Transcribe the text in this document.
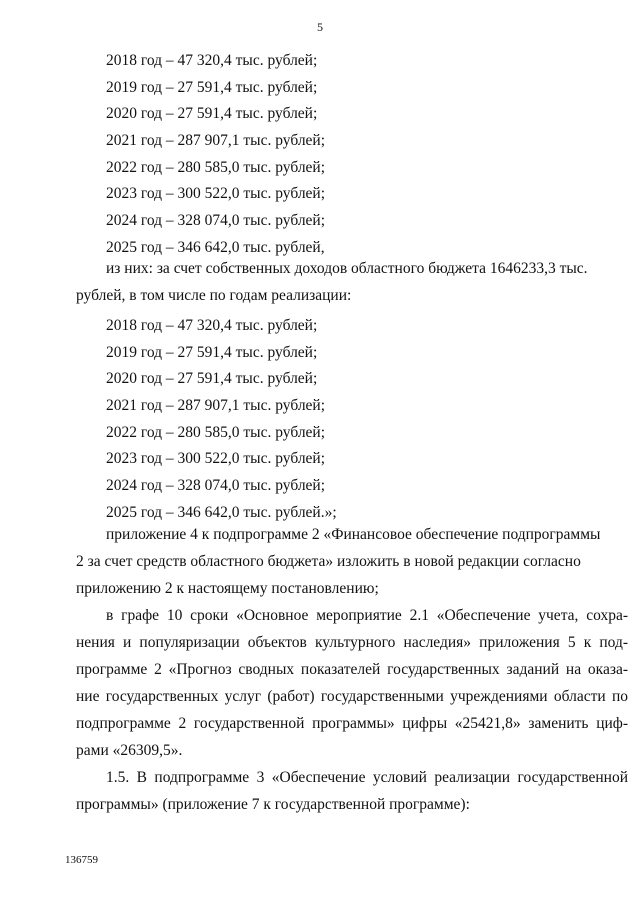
5
2018 год – 47 320,4 тыс. рублей;
2019 год – 27 591,4 тыс. рублей;
2020 год – 27 591,4 тыс. рублей;
2021 год – 287 907,1 тыс. рублей;
2022 год – 280 585,0 тыс. рублей;
2023 год – 300 522,0 тыс. рублей;
2024 год – 328 074,0 тыс. рублей;
2025 год – 346 642,0 тыс. рублей,
из них: за счет собственных доходов областного бюджета 1646233,3 тыс.
рублей, в том числе по годам реализации:
2018 год – 47 320,4 тыс. рублей;
2019 год – 27 591,4 тыс. рублей;
2020 год – 27 591,4 тыс. рублей;
2021 год – 287 907,1 тыс. рублей;
2022 год – 280 585,0 тыс. рублей;
2023 год – 300 522,0 тыс. рублей;
2024 год – 328 074,0 тыс. рублей;
2025 год – 346 642,0 тыс. рублей.»;
приложение 4 к подпрограмме 2 «Финансовое обеспечение подпрограммы
2 за счет средств областного бюджета» изложить в новой редакции согласно
приложению 2 к настоящему постановлению;
в графе 10 сроки «Основное мероприятие 2.1 «Обеспечение учета, сохра-
нения и популяризации объектов культурного наследия» приложения 5 к под-
программе 2 «Прогноз сводных показателей государственных заданий на оказа-
ние государственных услуг (работ) государственными учреждениями области по
подпрограмме 2 государственной программы» цифры «25421,8» заменить циф-
рами «26309,5».
1.5. В подпрограмме 3 «Обеспечение условий реализации государственной
программы» (приложение 7 к государственной программе):
136759
